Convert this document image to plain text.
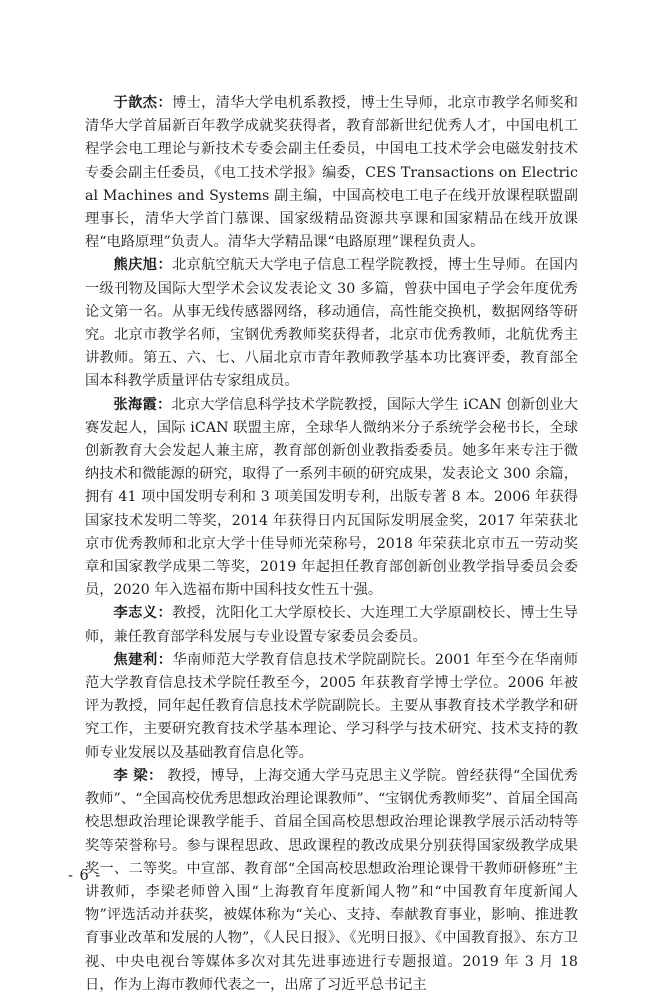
于歆杰：博士，清华大学电机系教授，博士生导师，北京市教学名师奖和清华大学首届新百年教学成就奖获得者，教育部新世纪优秀人才，中国电机工程学会电工理论与新技术专委会副主任委员，中国电工技术学会电磁发射技术专委会副主任委员，《电工技术学报》编委，CES Transactions on Electrical Machines and Systems 副主编，中国高校电工电子在线开放课程联盟副理事长，清华大学首门慕课、国家级精品资源共享课和国家精品在线开放课程“电路原理”负责人。清华大学精品课“电路原理”课程负责人。

熊庆旭：北京航空航天大学电子信息工程学院教授，博士生导师。在国内一级刊物及国际大型学术会议发表论文 30 多篇，曾获中国电子学会年度优秀论文第一名。从事无线传感器网络，移动通信，高性能交换机，数据网络等研究。北京市教学名师，宝钢优秀教师奖获得者，北京市优秀教师，北航优秀主讲教师。第五、六、七、八届北京市青年教师教学基本功比赛评委，教育部全国本科教学质量评估专家组成员。

张海霞：北京大学信息科学技术学院教授，国际大学生 iCAN 创新创业大赛发起人，国际 iCAN 联盟主席，全球华人微纳米分子系统学会秘书长，全球创新教育大会发起人兼主席，教育部创新创业教指委委员。她多年来专注于微纳技术和微能源的研究，取得了一系列丰硕的研究成果，发表论文 300 余篇，拥有 41 项中国发明专利和 3 项美国发明专利，出版专著 8 本。2006 年获得国家技术发明二等奖，2014 年获得日内瓦国际发明展金奖，2017 年荣获北京市优秀教师和北京大学十佳导师光荣称号，2018 年荣获北京市五一劳动奖章和国家教学成果二等奖，2019 年起担任教育部创新创业教学指导委员会委员，2020 年入选福布斯中国科技女性五十强。

李志义：教授，沈阳化工大学原校长、大连理工大学原副校长、博士生导师，兼任教育部学科发展与专业设置专家委员会委员。

焦建利：华南师范大学教育信息技术学院副院长。2001 年至今在华南师范大学教育信息技术学院任教至今，2005 年获教育学博士学位。2006 年被评为教授，同年起任教育信息技术学院副院长。主要从事教育技术学教学和研究工作，主要研究教育技术学基本理论、学习科学与技术研究、技术支持的教师专业发展以及基础教育信息化等。

李 梁： 教授，博导，上海交通大学马克思主义学院。曾经获得“全国优秀教师”、“全国高校优秀思想政治理论课教师”、“宝钢优秀教师奖”、首届全国高校思想政治理论课教学能手、首届全国高校思想政治理论课教学展示活动特等奖等荣誉称号。参与课程思政、思政课程的教改成果分别获得国家级教学成果奖一、二等奖。中宣部、教育部“全国高校思想政治理论课骨干教师研修班”主讲教师，李梁老师曾入围“上海教育年度新闻人物”和“中国教育年度新闻人物”评选活动并获奖，被媒体称为“关心、支持、奉献教育事业，影响、推进教育事业改革和发展的人物”，《人民日报》、《光明日报》、《中国教育报》、东方卫视、中央电视台等媒体多次对其先进事迹进行专题报道。2019 年 3 月 18 日，作为上海市教师代表之一，出席了习近平总书记主

- 6 -
